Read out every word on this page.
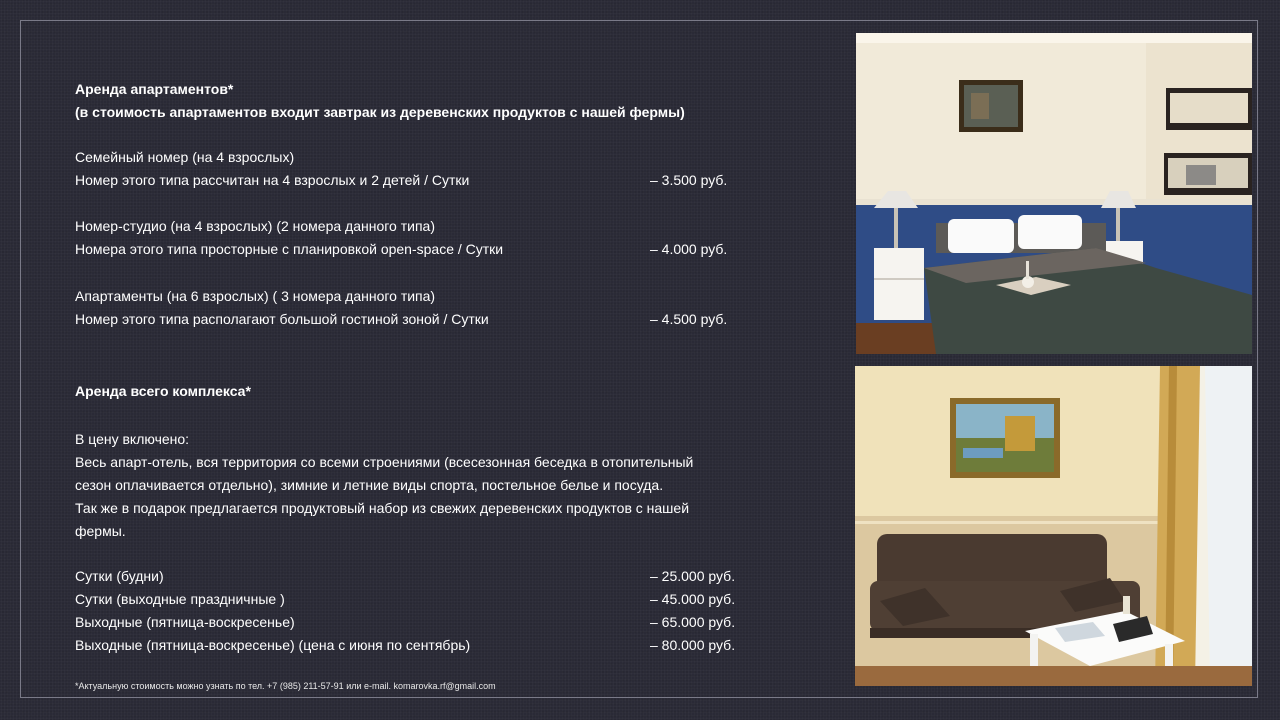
Аренда апартаментов*
(в стоимость апартаментов входит завтрак из деревенских продуктов с нашей фермы)
Семейный номер (на 4 взрослых)
Номер этого типа рассчитан на 4 взрослых и 2 детей / Сутки	– 3.500 руб.
Номер-студио (на 4 взрослых) (2 номера данного типа)
Номера этого типа просторные с планировкой open-space / Сутки	– 4.000 руб.
Апартаменты (на 6 взрослых) ( 3 номера данного типа)
Номер этого типа располагают большой гостиной зоной / Сутки	– 4.500 руб.
Аренда всего комплекса*
В цену включено:
Весь апарт-отель, вся территория со всеми строениями (всесезонная беседка в отопительный
сезон оплачивается отдельно), зимние и летние виды спорта, постельное белье и посуда.
Так же в подарок предлагается продуктовый набор из свежих деревенских продуктов с нашей
фермы.
Сутки (будни)	– 25.000 руб.
Сутки (выходные праздничные )	– 45.000 руб.
Выходные (пятница-воскресенье)	– 65.000 руб.
Выходные (пятница-воскресенье) (цена с июня по сентябрь)	– 80.000 руб.
*Актуальную стоимость можно узнать по тел. +7 (985) 211-57-91 или e-mail. komarovka.rf@gmail.com
